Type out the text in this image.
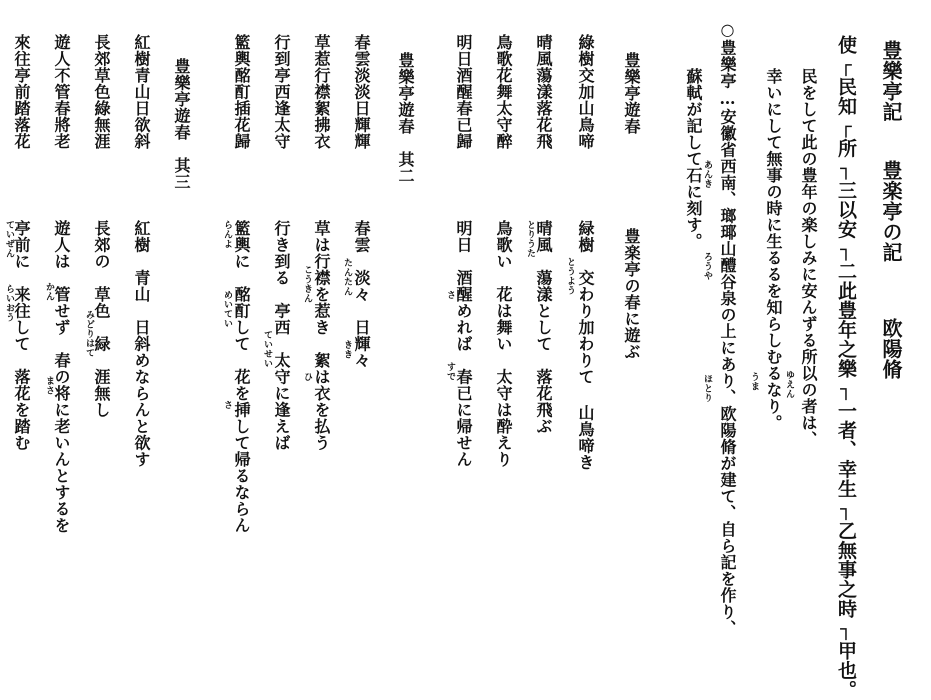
豊樂亭記
豊楽亭の記
欧陽脩
使┌民知┌所┐三以安┐二此豊年之樂┐一者、幸生┐乙無事之時┐甲也。
民をして此の豊年の楽しみに安んずる所以の者は、
幸いにして無事の時に生るるを知らしむるなり。 ゆえん
うま
○豊樂亭…安徽省西南、瑯瑘山醴谷泉の上にあり、欧陽脩が建て、自ら記を作り、
蘇軾が記して石に刻す。 あんき
ろうや
ほとり
豊樂亭遊春
豊楽亭の春に遊ぶ
綠樹交加山鳥啼
晴風蕩漾落花飛
鳥歌花舞太守醉
明日酒醒春已歸
緑樹　交わり加わりて 山鳥啼き
晴風　蕩漾として　落花飛ぶ
鳥歌い　花は舞い　太守は酔えり
明日　酒醒めれば　春已に帰せん	とうよう
とりうた
さ
すで
豊樂亭遊春　其二
春雲淡淡日輝輝
草惹行襟絮拂衣
行到亭西逢太守
籃輿酩酊插花歸
春雲　淡々　日輝々
草は行襟を惹き　絮は衣を払う
行き到る　亭西　太守に逢えば
籃輿に　酩酊して　花を挿して帰るならん	たんたん
きき
こうきん
ひ
ていせい
らんよ
めいてい
さ
豊樂亭遊春　其三
紅樹青山日欲斜
長郊草色綠無涯
遊人不管春將老
來往亭前踏落花
紅樹　青山　日斜めならんと欲す
長郊の　草色　緑　涯無し
遊人は　管せず　春の将に老いんとするを
亭前に　来往して　落花を踏む	みどりはて
かん
まさ
ていぜん
らいおう
